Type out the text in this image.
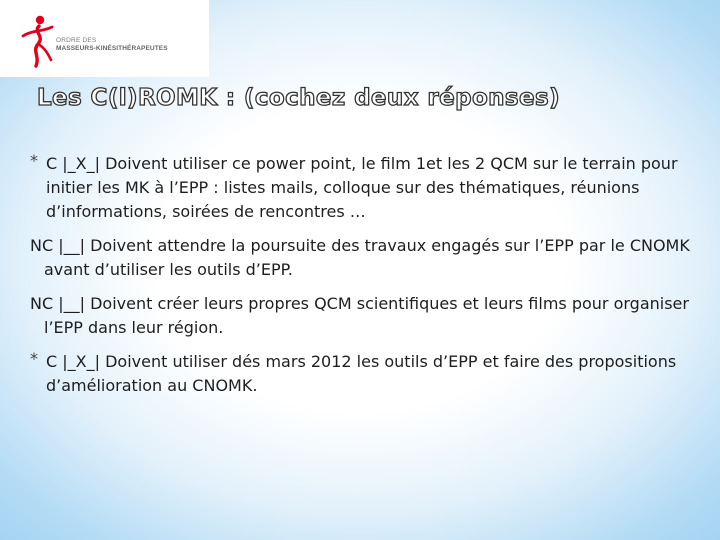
ORDRE DES
MASSEURS-KINÉSITHÉRAPEUTES
Les C(l)ROMK : (cochez deux réponses)
* C |_X_| Doivent utiliser ce power point, le film 1et les 2 QCM sur le terrain pour initier les MK à l’EPP : listes mails, colloque sur des thématiques, réunions d’informations, soirées de rencontres …
NC |__| Doivent attendre la poursuite des travaux engagés sur l’EPP par le CNOMK avant d’utiliser les outils d’EPP.
NC |__| Doivent créer leurs propres QCM scientifiques et leurs films pour organiser l’EPP dans leur région.
* C |_X_| Doivent utiliser dés mars 2012 les outils d’EPP et faire des propositions d’amélioration au CNOMK.
